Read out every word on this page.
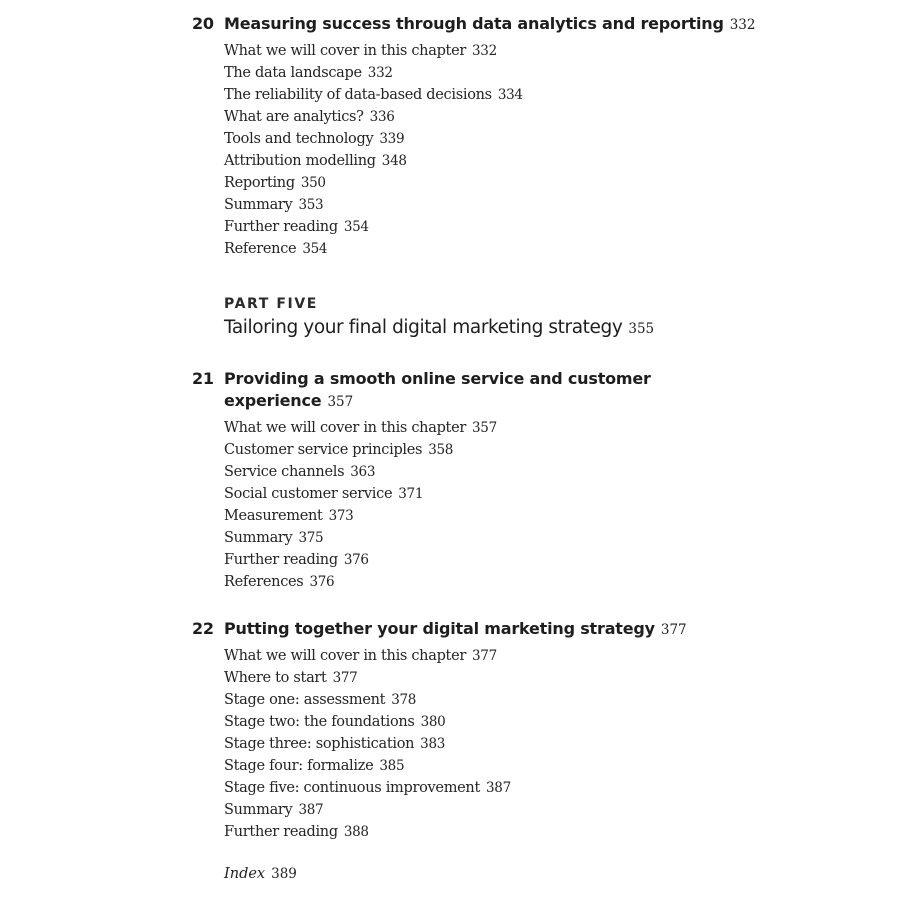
20 Measuring success through data analytics and reporting 332
What we will cover in this chapter 332
The data landscape 332
The reliability of data-based decisions 334
What are analytics? 336
Tools and technology 339
Attribution modelling 348
Reporting 350
Summary 353
Further reading 354
Reference 354
PART FIVE
Tailoring your final digital marketing strategy 355
21 Providing a smooth online service and customer
experience 357
What we will cover in this chapter 357
Customer service principles 358
Service channels 363
Social customer service 371
Measurement 373
Summary 375
Further reading 376
References 376
22 Putting together your digital marketing strategy 377
What we will cover in this chapter 377
Where to start 377
Stage one: assessment 378
Stage two: the foundations 380
Stage three: sophistication 383
Stage four: formalize 385
Stage five: continuous improvement 387
Summary 387
Further reading 388
Index 389
